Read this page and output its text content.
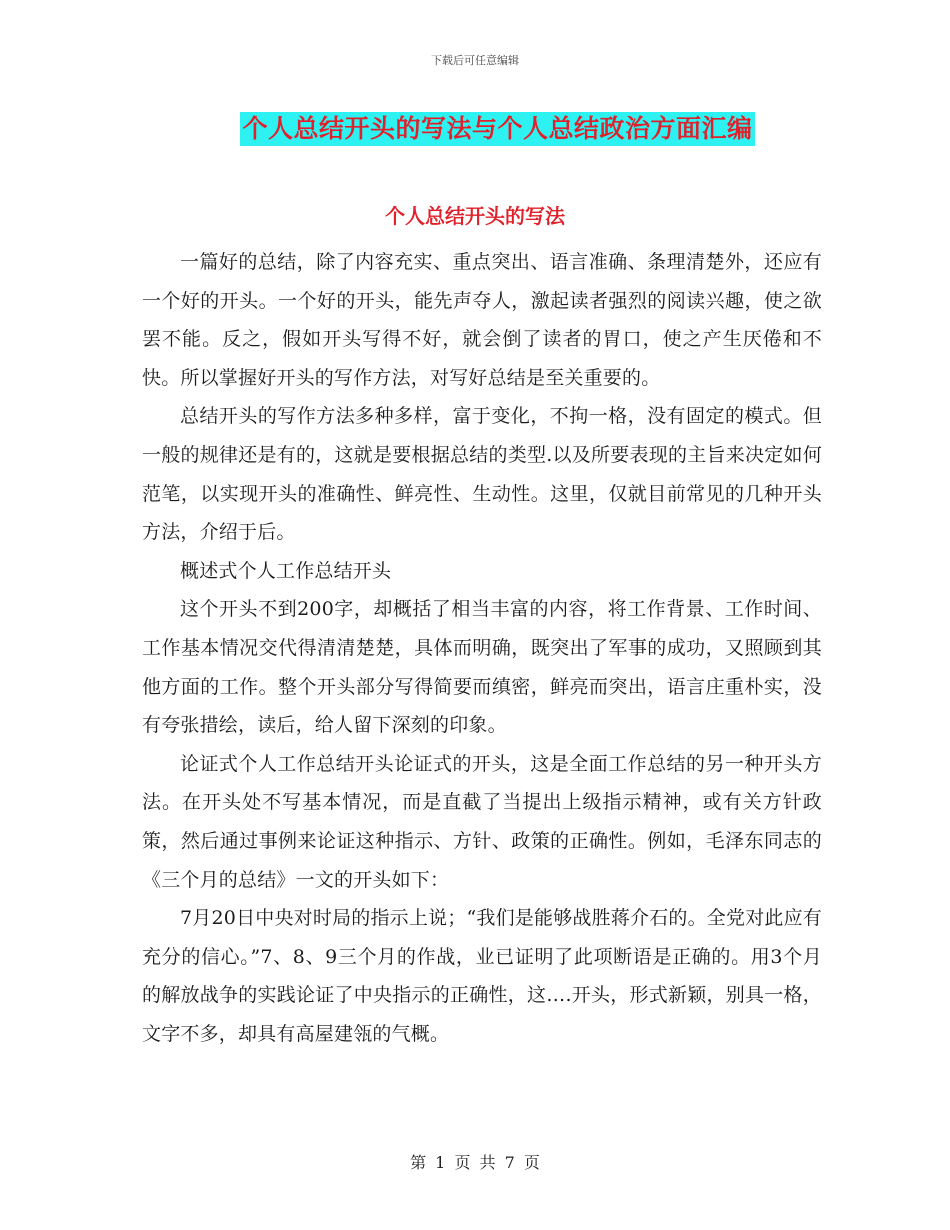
下载后可任意编辑
个人总结开头的写法与个人总结政治方面汇编
个人总结开头的写法

一篇好的总结，除了内容充实、重点突出、语言准确、条理清楚外，还应有一个好的开头。一个好的开头，能先声夺人，激起读者强烈的阅读兴趣，使之欲罢不能。反之，假如开头写得不好，就会倒了读者的胃口，使之产生厌倦和不快。所以掌握好开头的写作方法，对写好总结是至关重要的。

总结开头的写作方法多种多样，富于变化，不拘一格，没有固定的模式。但一般的规律还是有的，这就是要根据总结的类型.以及所要表现的主旨来决定如何范笔，以实现开头的准确性、鲜亮性、生动性。这里，仅就目前常见的几种开头方法，介绍于后。

概述式个人工作总结开头

这个开头不到200字，却概括了相当丰富的内容，将工作背景、工作时间、工作基本情况交代得清清楚楚，具体而明确，既突出了军事的成功，又照顾到其他方面的工作。整个开头部分写得简要而缜密，鲜亮而突出，语言庄重朴实，没有夸张措绘，读后，给人留下深刻的印象。

论证式个人工作总结开头论证式的开头，这是全面工作总结的另一种开头方法。在开头处不写基本情况，而是直截了当提出上级指示精神，或有关方针政策，然后通过事例来论证这种指示、方针、政策的正确性。例如，毛泽东同志的《三个月的总结》一文的开头如下：

7月20日中央对时局的指示上说；“我们是能够战胜蒋介石的。全党对此应有充分的信心。”7、8、9三个月的作战，业已证明了此项断语是正确的。用3个月的解放战争的实践论证了中央指示的正确性，这….开头，形式新颖，别具一格，文字不多，却具有高屋建瓴的气概。

第 1 页 共 7 页
